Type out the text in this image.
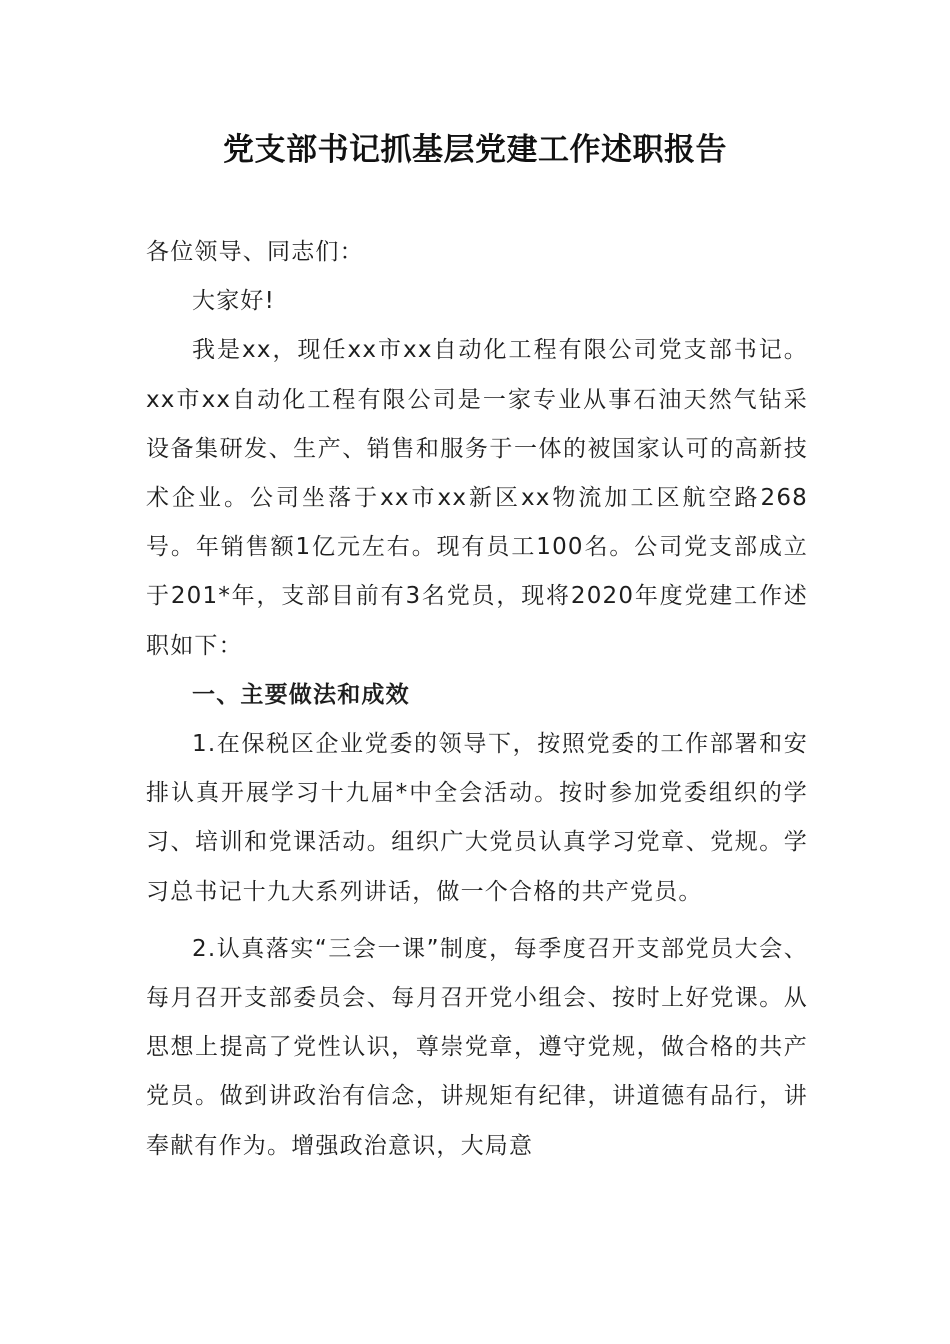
党支部书记抓基层党建工作述职报告

各位领导、同志们：

大家好!

我是xx，现任xx市xx自动化工程有限公司党支部书记。xx市xx自动化工程有限公司是一家专业从事石油天然气钻采设备集研发、生产、销售和服务于一体的被国家认可的高新技术企业。公司坐落于xx市xx新区xx物流加工区航空路268号。年销售额1亿元左右。现有员工100名。公司党支部成立于201*年，支部目前有3名党员，现将2020年度党建工作述职如下：

一、主要做法和成效

1.在保税区企业党委的领导下，按照党委的工作部署和安排认真开展学习十九届*中全会活动。按时参加党委组织的学习、培训和党课活动。组织广大党员认真学习党章、党规。学习总书记十九大系列讲话，做一个合格的共产党员。

2.认真落实“三会一课”制度，每季度召开支部党员大会、每月召开支部委员会、每月召开党小组会、按时上好党课。从思想上提高了党性认识，尊崇党章，遵守党规，做合格的共产党员。做到讲政治有信念，讲规矩有纪律，讲道德有品行，讲奉献有作为。增强政治意识，大局意
